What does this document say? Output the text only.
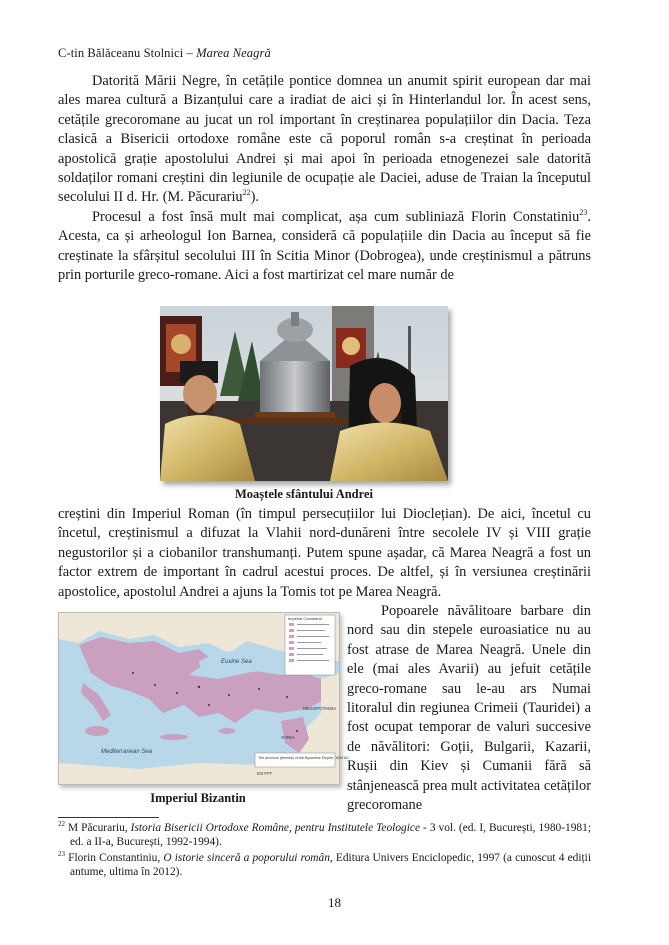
C-tin Bălăceanu Stolnici – Marea Neagră

Datorită Mării Negre, în cetățile pontice domnea un anumit spirit european dar mai ales marea cultură a Bizanțului care a iradiat de aici și în Hinterlandul lor. În acest sens, cetățile grecoromane au jucat un rol important în creștinarea populațiilor din Dacia. Teza clasică a Bisericii ortodoxe române este că poporul român s-a creștinat în perioada apostolică grație apostolului Andrei și mai apoi în perioada etnogenezei sale datorită soldaților romani creștini din legiunile de ocupație ale Daciei, aduse de Traian la începutul secolului II d. Hr. (M. Păcurariu$^{22}$).

Procesul a fost însă mult mai complicat, așa cum subliniază Florin Constatiniu$^{23}$. Acesta, ca și arheologul Ion Barnea, consideră că populațiile din Dacia au început să fie creștinate la sfârșitul secolului III în Scitia Minor (Dobrogea), unde creștinismul a pătruns prin porturile greco-romane. Aici a fost martirizat cel mare număr de

Moaștele sfântului Andrei

creștini din Imperiul Roman (în timpul persecuțiilor lui Dioclețian). De aici, încetul cu încetul, creștinismul a difuzat la Vlahii nord-dunăreni între secolele IV și VIII grație negustorilor și a ciobanilor transhumanți. Putem spune așadar, că Marea Neagră a fost un factor extrem de important în cadrul acestui proces. De altfel, și în versiunea creștinării apostolice, apostolul Andrei a ajuns la Tomis tot pe Marea Neagră.

Imperial Command
The province (themes) of the Byzantine Empire, 1025 AD
Euxine Sea
Mediterranean Sea
MESOPOTAMIA
SYRIA
EGYPT
Imperiul Bizantin

Popoarele năvălitoare barbare din nord sau din stepele euroasiatice nu au fost atrase de Marea Neagră. Unele din ele (mai ales Avarii) au jefuit cetățile greco-romane sau le-au ars Numai litoralul din regiunea Crimeii (Tauridei) a fost ocupat temporar de valuri succesive de năvălitori: Goții, Bulgarii, Kazarii, Rușii din Kiev și Cumanii fără să stânjenească prea mult activitatea cetăților grecoromane

$^{22}$ M Păcurariu, Istoria Bisericii Ortodoxe Române, pentru Institutele Teologice - 3 vol. (ed. I, București, 1980-1981; ed. a II-a, București, 1992-1994).

$^{23}$ Florin Constantiniu, O istorie sinceră a poporului român, Editura Univers Enciclopedic, 1997 (a cunoscut 4 ediții antume, ultima în 2012).

18
